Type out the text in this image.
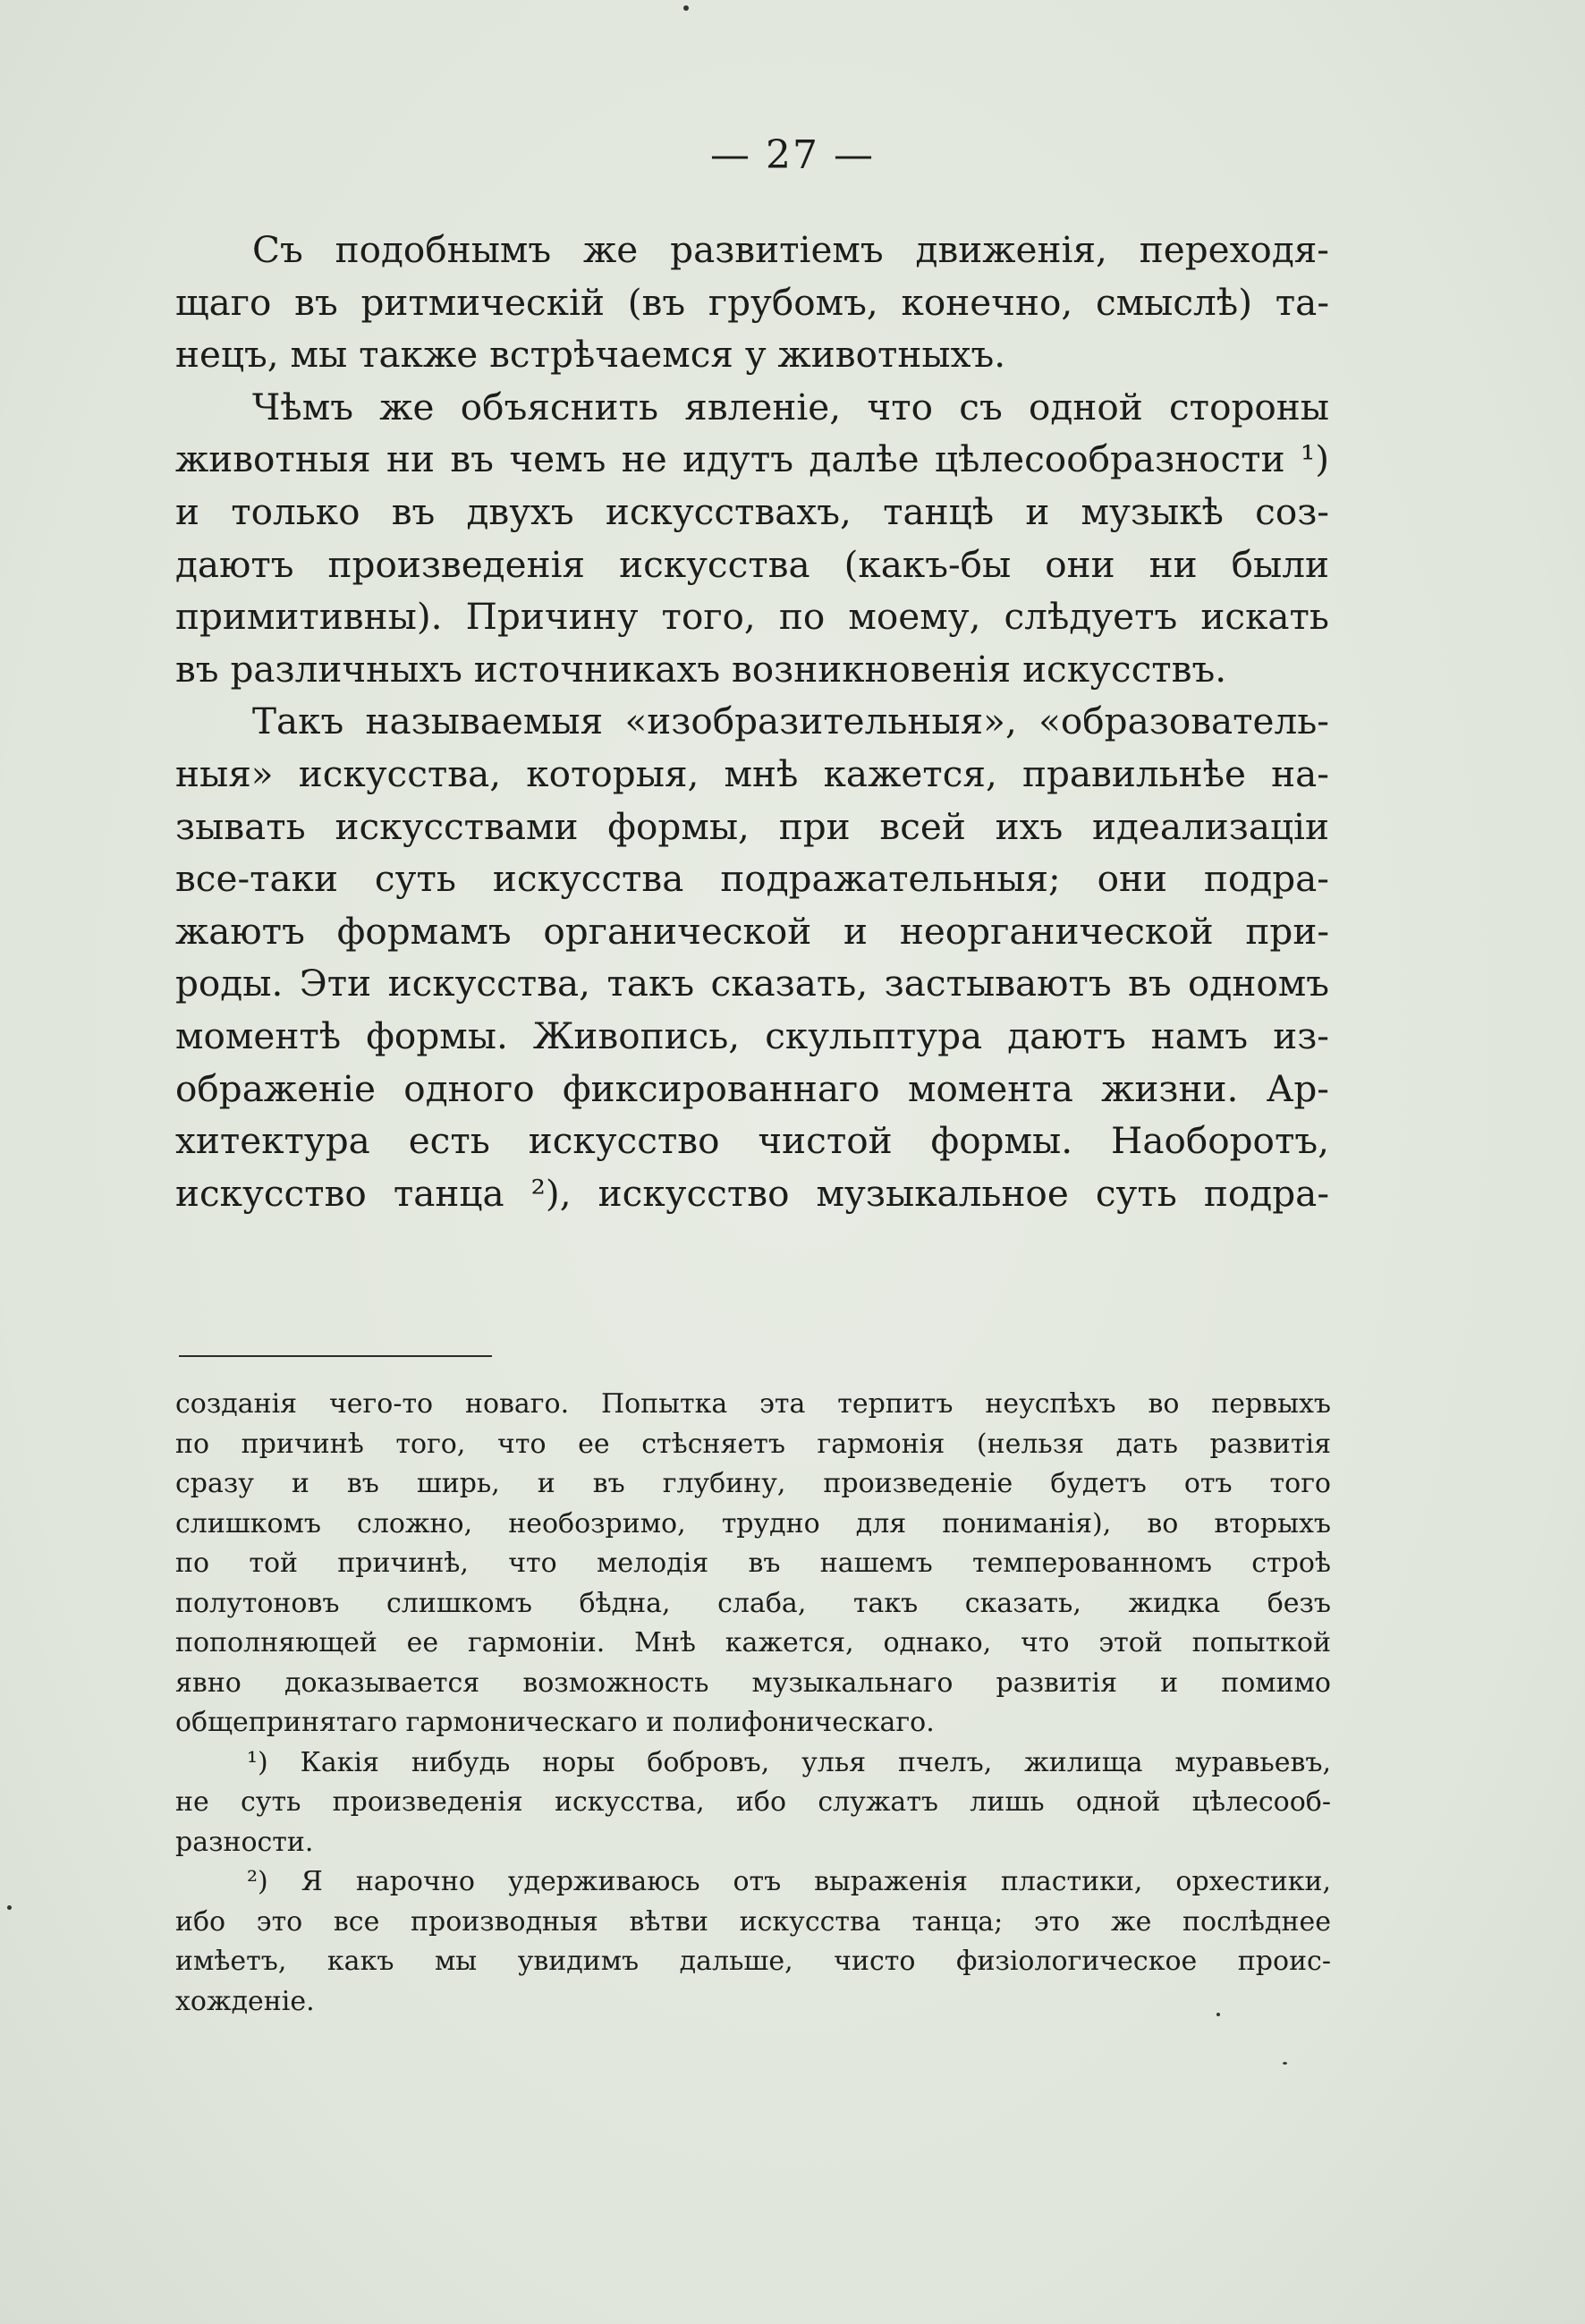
— 27 —
Съ подобнымъ же развитіемъ движенія, переходя-
щаго въ ритмическій (въ грубомъ, конечно, смыслѣ) та-
нецъ, мы также встрѣчаемся у животныхъ.
Чѣмъ же объяснить явленіе, что съ одной стороны
животныя ни въ чемъ не идутъ далѣе цѣлесообразности ¹)
и только въ двухъ искусствахъ, танцѣ и музыкѣ соз-
даютъ произведенія искусства (какъ-бы они ни были
примитивны). Причину того, по моему, слѣдуетъ искать
въ различныхъ источникахъ возникновенія искусствъ.
Такъ называемыя «изобразительныя», «образователь-
ныя» искусства, которыя, мнѣ кажется, правильнѣе на-
зывать искусствами формы, при всей ихъ идеализаціи
все-таки суть искусства подражательныя; они подра-
жаютъ формамъ органической и неорганической при-
роды. Эти искусства, такъ сказать, застываютъ въ одномъ
моментѣ формы. Живопись, скульптура даютъ намъ из-
ображеніе одного фиксированнаго момента жизни. Ар-
хитектура есть искусство чистой формы. Наоборотъ,
искусство танца ²), искусство музыкальное суть подра-
созданія чего-то новаго. Попытка эта терпитъ неуспѣхъ во первыхъ
по причинѣ того, что ее стѣсняетъ гармонія (нельзя дать развитія
сразу и въ ширь, и въ глубину, произведеніе будетъ отъ того
слишкомъ сложно, необозримо, трудно для пониманія), во вторыхъ
по той причинѣ, что мелодія въ нашемъ темперованномъ строѣ
полутоновъ слишкомъ бѣдна, слаба, такъ сказать, жидка безъ
пополняющей ее гармоніи. Мнѣ кажется, однако, что этой попыткой
явно доказывается возможность музыкальнаго развитія и помимо
общепринятаго гармоническаго и полифоническаго.
¹) Какія нибудь норы бобровъ, улья пчелъ, жилища муравьевъ,
не суть произведенія искусства, ибо служатъ лишь одной цѣлесооб-
разности.
²) Я нарочно удерживаюсь отъ выраженія пластики, орхестики,
ибо это все производныя вѣтви искусства танца; это же послѣднее
имѣетъ, какъ мы увидимъ дальше, чисто физіологическое проис-
хожденіе.
